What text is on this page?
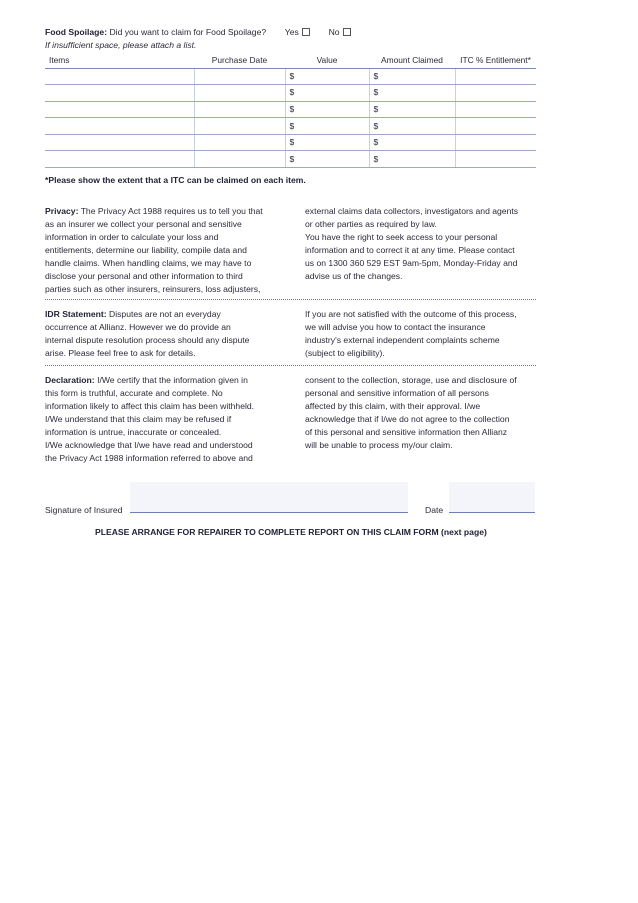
Food Spoilage: Did you want to claim for Food Spoilage? Yes	No
If insufficient space, please attach a list.
Items	Purchase Date	Value	Amount Claimed	ITC % Entitlement*
		$	$	
		$	$	
		$	$	
		$	$	
		$	$	
		$	$	
*Please show the extent that a ITC can be claimed on each item.

Privacy: The Privacy Act 1988 requires us to tell you that

as an insurer we collect your personal and sensitive

information in order to calculate your loss and

entitlements, determine our liability, compile data and

handle claims. When handling claims, we may have to

disclose your personal and other information to third

parties such as other insurers, reinsurers, loss adjusters,

external claims data collectors, investigators and agents

or other parties as required by law.

You have the right to seek access to your personal

information and to correct it at any time. Please contact

us on 1300 360 529 EST 9am-5pm, Monday-Friday and

advise us of the changes.

IDR Statement: Disputes are not an everyday

occurrence at Allianz. However we do provide an

internal dispute resolution process should any dispute

arise. Please feel free to ask for details.

If you are not satisfied with the outcome of this process,

we will advise you how to contact the insurance

industry's external independent complaints scheme

(subject to eligibility).

Declaration: I/We certify that the information given in

this form is truthful, accurate and complete. No

information likely to affect this claim has been withheld.

I/We understand that this claim may be refused if

information is untrue, inaccurate or concealed.

I/We acknowledge that I/we have read and understood

the Privacy Act 1988 information referred to above and

consent to the collection, storage, use and disclosure of

personal and sensitive information of all persons

affected by this claim, with their approval. I/we

acknowledge that if I/we do not agree to the collection

of this personal and sensitive information then Allianz

will be unable to process my/our claim.

Signature of Insured	Date
PLEASE ARRANGE FOR REPAIRER TO COMPLETE REPORT ON THIS CLAIM FORM (next page)
